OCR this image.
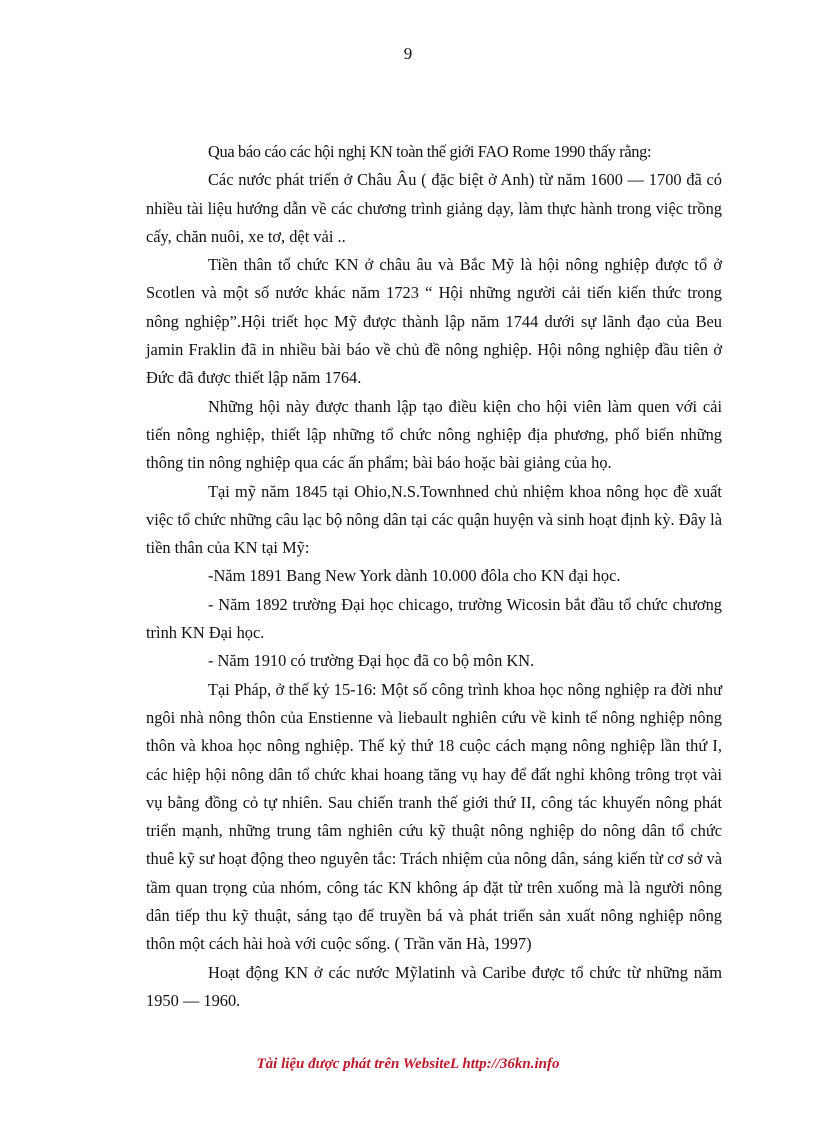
9

Qua báo cáo các hội nghị KN toàn thế giới FAO Rome 1990 thấy rằng:

Các nước phát triển ở Châu Âu ( đặc biệt ở Anh) từ năm 1600 — 1700 đã có nhiều tài liệu hướng dẫn về các chương trình giảng dạy, làm thực hành trong việc trồng cấy, chăn nuôi, xe tơ, dệt vải ..

Tiền thân tổ chức KN ở châu âu và Bắc Mỹ là hội nông nghiệp được tổ ở Scotlen và một số nước khác năm 1723 “ Hội những người cải tiến kiến thức trong nông nghiệp”.Hội triết học Mỹ được thành lập năm 1744 dưới sự lãnh đạo của Beu jamin Fraklin đã in nhiều bài báo về chủ đề nông nghiệp. Hội nông nghiệp đầu tiên ở Đức đã được thiết lập năm 1764.

Những hội này được thanh lập tạo điều kiện cho hội viên làm quen với cải tiến nông nghiệp, thiết lập những tổ chức nông nghiệp địa phương, phổ biến những thông tin nông nghiệp qua các ấn phẩm; bài báo hoặc bài giảng của họ.

Tại mỹ năm 1845 tại Ohio,N.S.Townhned chủ nhiệm khoa nông học đề xuất việc tổ chức những câu lạc bộ nông dân tại các quận huyện và sinh hoạt định kỳ. Đây là tiền thân của KN tại Mỹ:

-Năm 1891 Bang New York dành 10.000 đôla cho KN đại học.

- Năm 1892 trường Đại học chicago, trường Wicosin bắt đầu tổ chức chương trình KN Đại học.

- Năm 1910 có trường Đại học đã co bộ môn KN.

Tại Pháp, ở thế kỷ 15-16: Một số công trình khoa học nông nghiệp ra đời như ngôi nhà nông thôn của Enstienne và liebault nghiên cứu về kinh tế nông nghiệp nông thôn và khoa học nông nghiệp. Thế kỷ thứ 18 cuộc cách mạng nông nghiệp lần thứ I, các hiệp hội nông dân tổ chức khai hoang tăng vụ hay để đất nghỉ không trông trọt vài vụ bằng đồng cỏ tự nhiên. Sau chiến tranh thế giới thứ II, công tác khuyến nông phát triển mạnh, những trung tâm nghiên cứu kỹ thuật nông nghiệp do nông dân tổ chức thuê kỹ sư hoạt động theo nguyên tắc: Trách nhiệm của nông dân, sáng kiến từ cơ sở và tầm quan trọng của nhóm, công tác KN không áp đặt từ trên xuống mà là người nông dân tiếp thu kỹ thuật, sáng tạo để truyền bá và phát triển sản xuất nông nghiệp nông thôn một cách hài hoà với cuộc sống. ( Trần văn Hà, 1997)

Hoạt động KN ở các nước Mỹlatinh và Caribe được tổ chức từ những năm 1950 — 1960.

Tài liệu được phát trên WebsiteL http://36kn.info
